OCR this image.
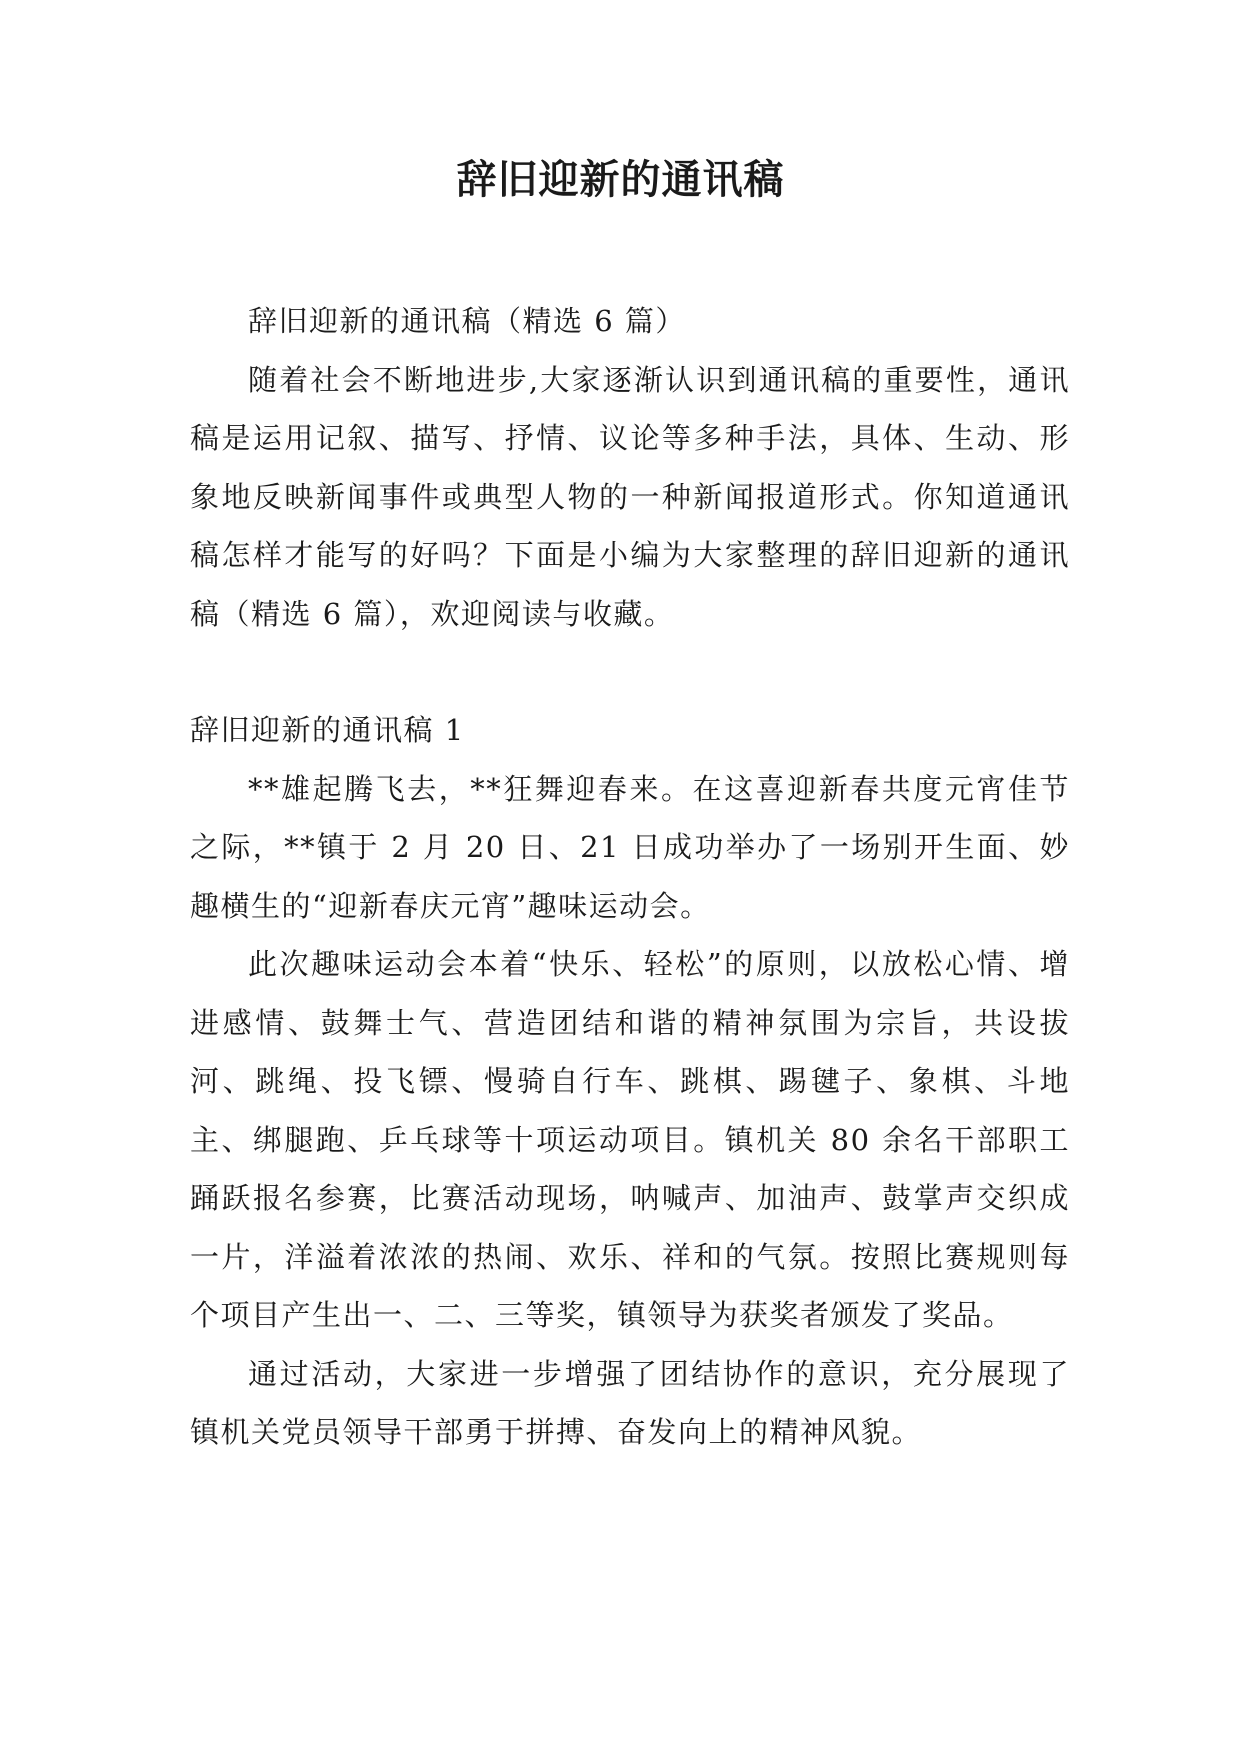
辞旧迎新的通讯稿

辞旧迎新的通讯稿（精选 6 篇）

随着社会不断地进步,大家逐渐认识到通讯稿的重要性，通讯稿是运用记叙、描写、抒情、议论等多种手法，具体、生动、形象地反映新闻事件或典型人物的一种新闻报道形式。你知道通讯稿怎样才能写的好吗？下面是小编为大家整理的辞旧迎新的通讯稿（精选 6 篇），欢迎阅读与收藏。

辞旧迎新的通讯稿 1

**雄起腾飞去，**狂舞迎春来。在这喜迎新春共度元宵佳节之际，**镇于 2 月 20 日、21 日成功举办了一场别开生面、妙趣横生的“迎新春庆元宵”趣味运动会。

此次趣味运动会本着“快乐、轻松”的原则，以放松心情、增进感情、鼓舞士气、营造团结和谐的精神氛围为宗旨，共设拔河、跳绳、投飞镖、慢骑自行车、跳棋、踢毽子、象棋、斗地主、绑腿跑、乒乓球等十项运动项目。镇机关 80 余名干部职工踊跃报名参赛，比赛活动现场，呐喊声、加油声、鼓掌声交织成一片，洋溢着浓浓的热闹、欢乐、祥和的气氛。按照比赛规则每个项目产生出一、二、三等奖，镇领导为获奖者颁发了奖品。

通过活动，大家进一步增强了团结协作的意识，充分展现了镇机关党员领导干部勇于拼搏、奋发向上的精神风貌。
